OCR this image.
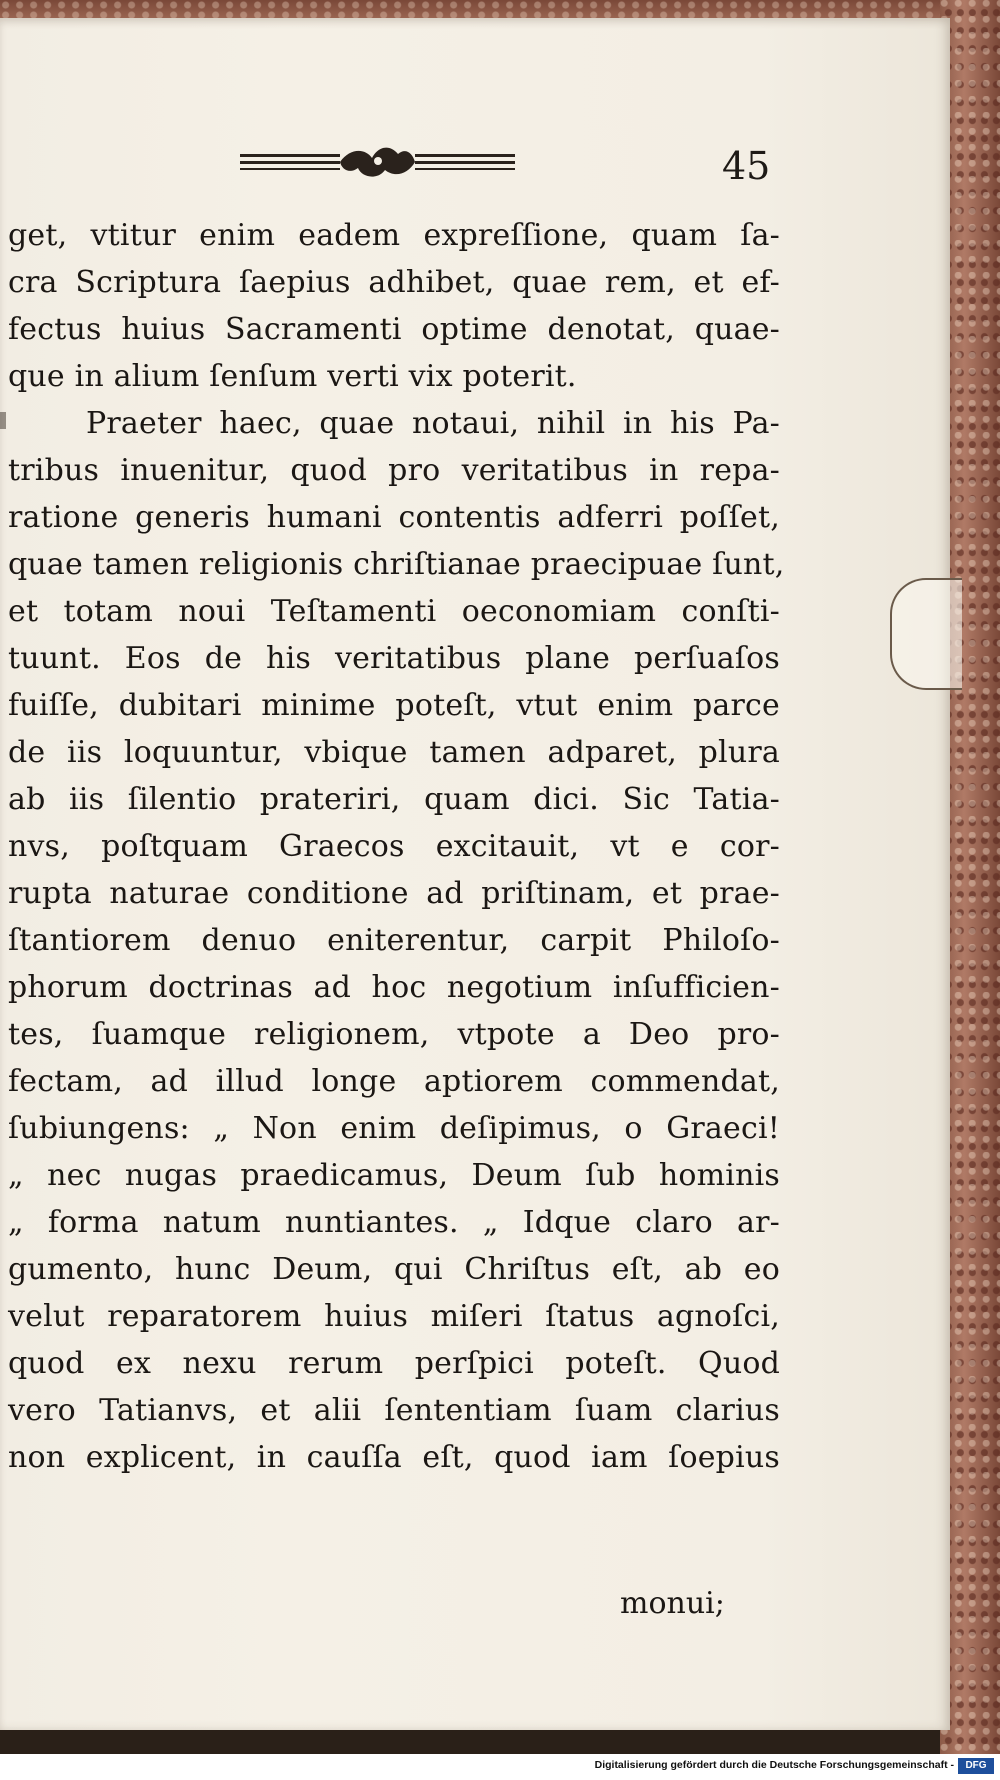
45
get, vtitur enim eadem expreſſione, quam ſa-
cra Scriptura ſaepius adhibet, quae rem, et ef-
fectus huius Sacramenti optime denotat, quae-
que in alium ſenſum verti vix poterit.
Praeter haec, quae notaui, nihil in his Pa-
tribus inuenitur, quod pro veritatibus in repa-
ratione generis humani contentis adferri poſſet,
quae tamen religionis chriſtianae praecipuae ſunt,
et totam noui Teſtamenti oeconomiam conſti-
tuunt. Eos de his veritatibus plane perſuaſos
fuiſſe, dubitari minime poteſt, vtut enim parce
de iis loquuntur, vbique tamen adparet, plura
ab iis ſilentio prateriri, quam dici. Sic Tatia-
nvs, poſtquam Graecos excitauit, vt e cor-
rupta naturae conditione ad priſtinam, et prae-
ſtantiorem denuo eniterentur, carpit Philoſo-
phorum doctrinas ad hoc negotium inſufficien-
tes, ſuamque religionem, vtpote a Deo pro-
fectam, ad illud longe aptiorem commendat,
ſubiungens: „ Non enim deſipimus, o Graeci!
„ nec nugas praedicamus, Deum ſub hominis
„ forma natum nuntiantes. „ Idque claro ar-
gumento, hunc Deum, qui Chriſtus eſt, ab eo
velut reparatorem huius miſeri ſtatus agnoſci,
quod ex nexu rerum perſpici poteſt. Quod
vero Tatianvs, et alii ſententiam ſuam clarius
non explicent, in cauſſa eſt, quod iam ſoepius
monui;
Digitalisierung gefördert durch die Deutsche Forschungsgemeinschaft -	DFG
